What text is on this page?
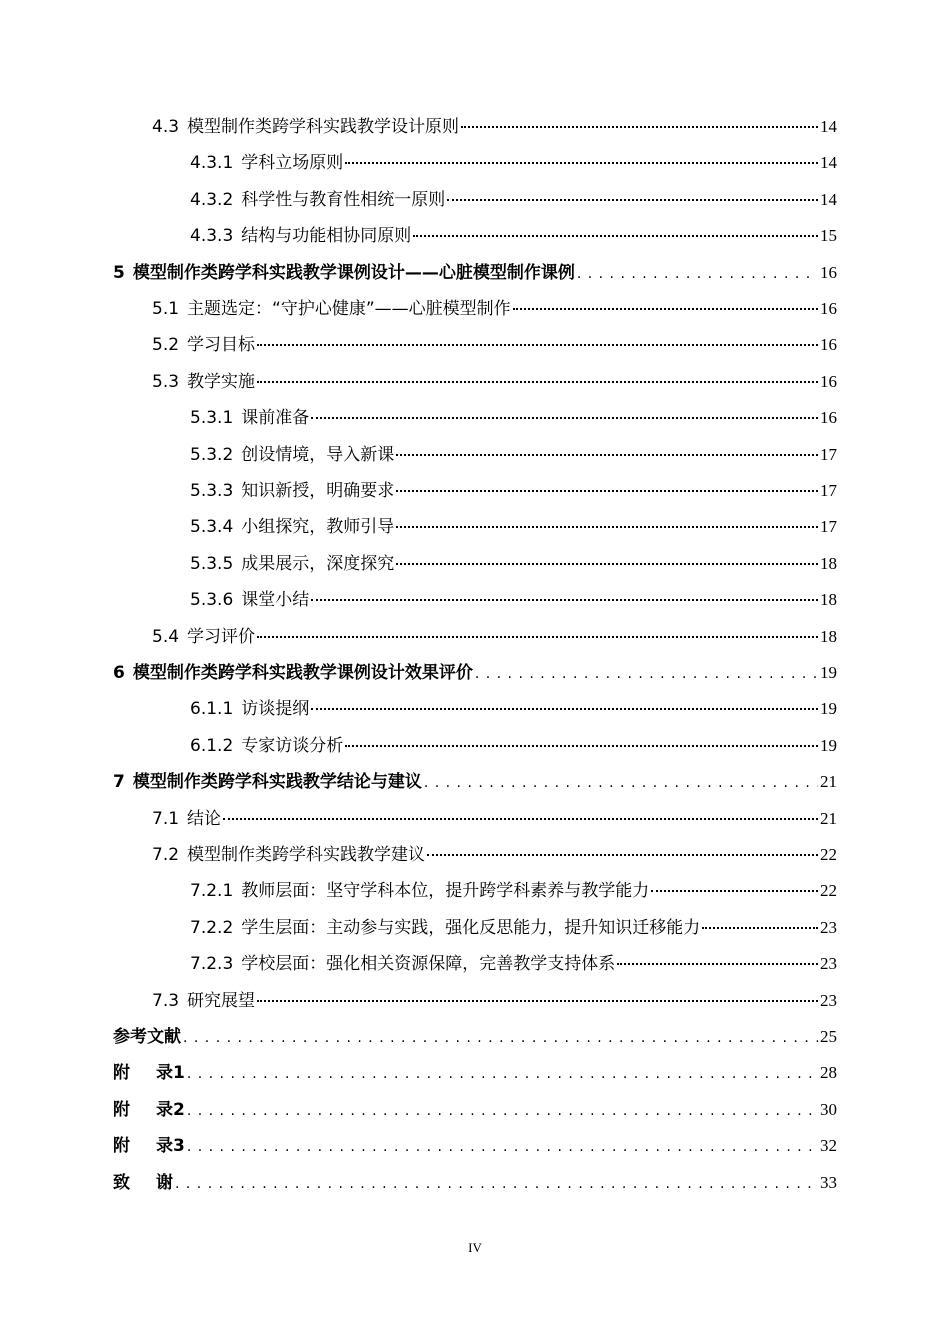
4.3 模型制作类跨学科实践教学设计原则	14
4.3.1 学科立场原则	14
4.3.2 科学性与教育性相统一原则	14
4.3.3 结构与功能相协同原则	15
5 模型制作类跨学科实践教学课例设计——心脏模型制作课例 . . .	16
5.1 主题选定：“守护心健康”——心脏模型制作	16
5.2 学习目标	16
5.3 教学实施	16
5.3.1 课前准备	16
5.3.2 创设情境，导入新课	17
5.3.3 知识新授，明确要求	17
5.3.4 小组探究，教师引导	17
5.3.5 成果展示，深度探究	18
5.3.6 课堂小结	18
5.4 学习评价	18
6 模型制作类跨学科实践教学课例设计效果评价 . . .	19
6.1.1 访谈提纲	19
6.1.2 专家访谈分析	19
7 模型制作类跨学科实践教学结论与建议 . . .	21
7.1 结论	21
7.2 模型制作类跨学科实践教学建议	22
7.2.1 教师层面：坚守学科本位，提升跨学科素养与教学能力	22
7.2.2 学生层面：主动参与实践，强化反思能力，提升知识迁移能力	23
7.2.3 学校层面：强化相关资源保障，完善教学支持体系	23
7.3 研究展望	23
参考文献 . . .	25
附 录1 . . .	28
附 录2 . . .	30
附 录3 . . .	32
致 谢 . . .	33
IV
